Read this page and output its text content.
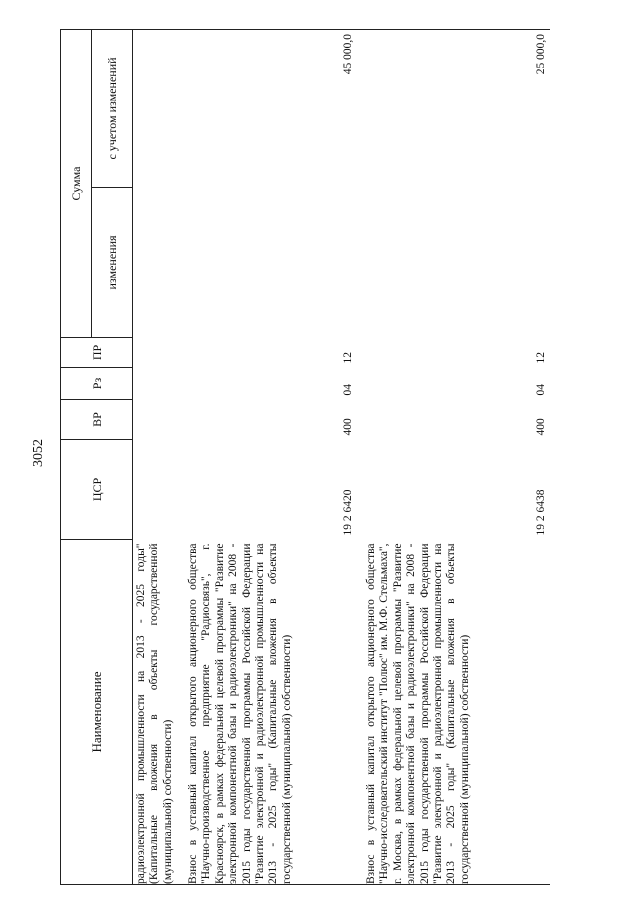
3052
Наименование	ЦСР	ВР	Рз	ПР	Сумма	
					изменения	с учетом изменений
радиоэлектронной промышленности на 2013 - 2025 годы" (Капитальные вложения в объекты государственной (муниципальной) собственности)						
Взнос в уставный капитал открытого акционерного общества "Научно-производственное предприятие "Радиосвязь", г. Красноярск, в рамках федеральной целевой программы "Развитие электронной компонентной базы и радиоэлектроники" на 2008 - 2015 годы государственной программы Российской Федерации "Развитие электронной и радиоэлектронной промышленности на 2013 - 2025 годы" (Капитальные вложения в объекты государственной (муниципальной) собственности)	19 2 6420	400	04	12		45 000,0
Взнос в уставный капитал открытого акционерного общества "Научно-исследовательский институт "Полюс" им. М.Ф. Стельмаха", г. Москва, в рамках федеральной целевой программы "Развитие электронной компонентной базы и радиоэлектроники" на 2008 - 2015 годы государственной программы Российской Федерации "Развитие электронной и радиоэлектронной промышленности на 2013 - 2025 годы" (Капитальные вложения в объекты государственной (муниципальной) собственности)	19 2 6438	400	04	12		25 000,0
